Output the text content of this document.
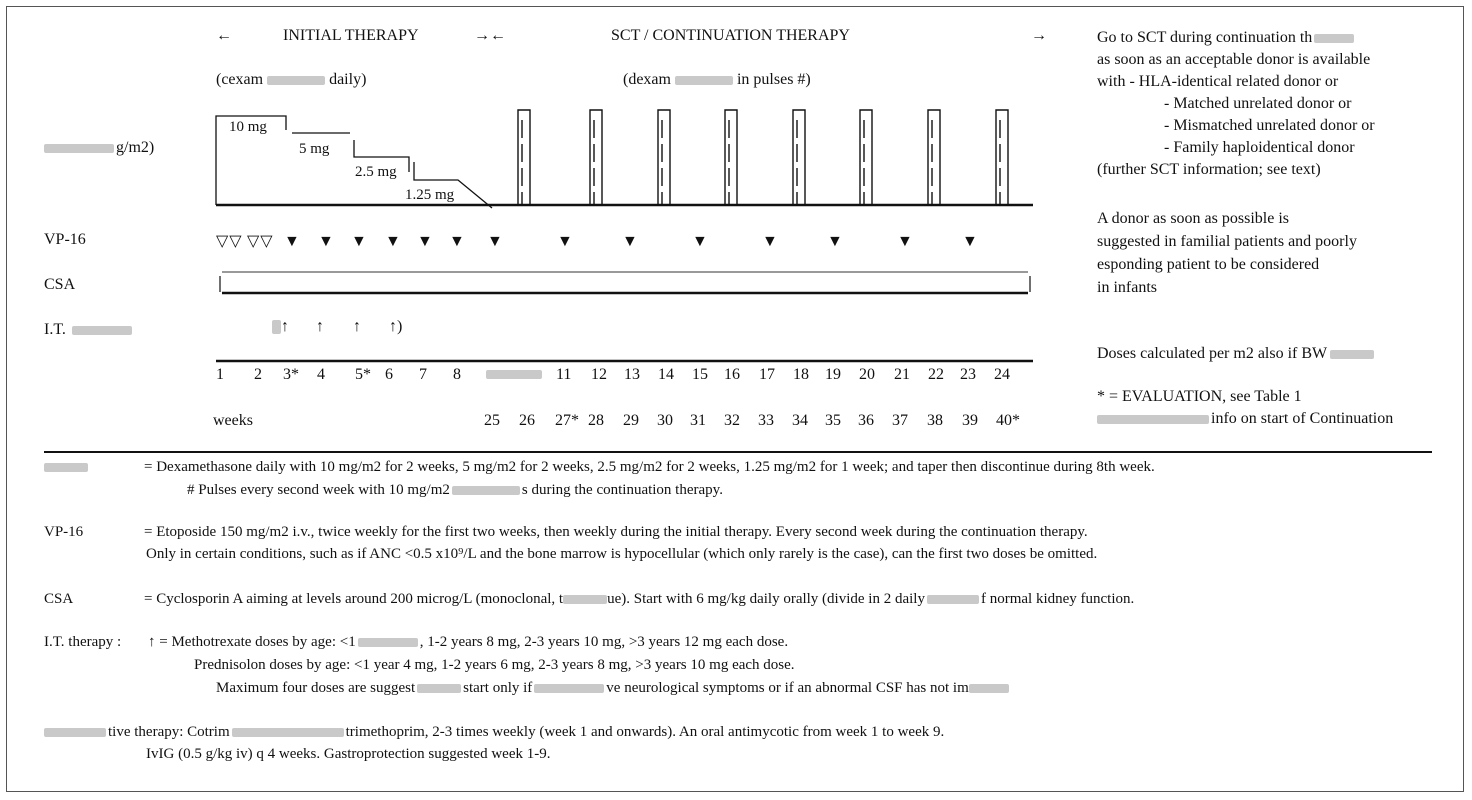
←	INITIAL THERAPY	→←	SCT / CONTINUATION THERAPY	→
(cexam	daily)	(dexam	in pulses #)
g/m2)
VP-16
CSA
I.T.
10 mg
5 mg
2.5 mg
1.25 mg
▽▽ ▽▽ ▼ ▼ ▼ ▼ ▼ ▼ ▼	▼	▼	▼	▼	▼	▼	▼
↑ ↑ ↑ ↑)
1 2 3* 4 5* 6 7 8	11 12 13 14 15 16 17 18 19 20 21 22 23 24
weeks	25 26 27* 28 29 30 31 32 33 34 35 36 37 38 39 40*
Go to SCT during continuation th
as soon as an acceptable donor is available
with - HLA-identical related donor or
- Matched unrelated donor or
- Mismatched unrelated donor or
- Family haploidentical donor
(further SCT information; see text)
A donor as soon as possible is
suggested in familial patients and poorly
esponding patient to be considered
in infants
Doses calculated per m2 also if BW
* = EVALUATION, see Table 1
info on start of Continuation
= Dexamethasone daily with 10 mg/m2 for 2 weeks, 5 mg/m2 for 2 weeks, 2.5 mg/m2 for 2 weeks, 1.25 mg/m2 for 1 week; and taper then discontinue during 8th week.
# Pulses every second week with 10 mg/m2	s during the continuation therapy.
VP-16	= Etoposide 150 mg/m2 i.v., twice weekly for the first two weeks, then weekly during the initial therapy. Every second week during the continuation therapy.
Only in certain conditions, such as if ANC <0.5 x10⁹/L and the bone marrow is hypocellular (which only rarely is the case), can the first two doses be omitted.
CSA	= Cyclosporin A aiming at levels around 200 microg/L (monoclonal, t	ue). Start with 6 mg/kg daily orally (divide in 2 daily	f normal kidney function.
I.T. therapy : ↑ = Methotrexate doses by age: <1	, 1-2 years 8 mg, 2-3 years 10 mg, >3 years 12 mg each dose.
Prednisolon doses by age: <1 year 4 mg, 1-2 years 6 mg, 2-3 years 8 mg, >3 years 10 mg each dose.
Maximum four doses are suggest	start only if	ve neurological symptoms or if an abnormal CSF has not im
tive therapy: Cotrim	trimethoprim, 2-3 times weekly (week 1 and onwards). An oral antimycotic from week 1 to week 9.
IvIG (0.5 g/kg iv) q 4 weeks. Gastroprotection suggested week 1-9.
